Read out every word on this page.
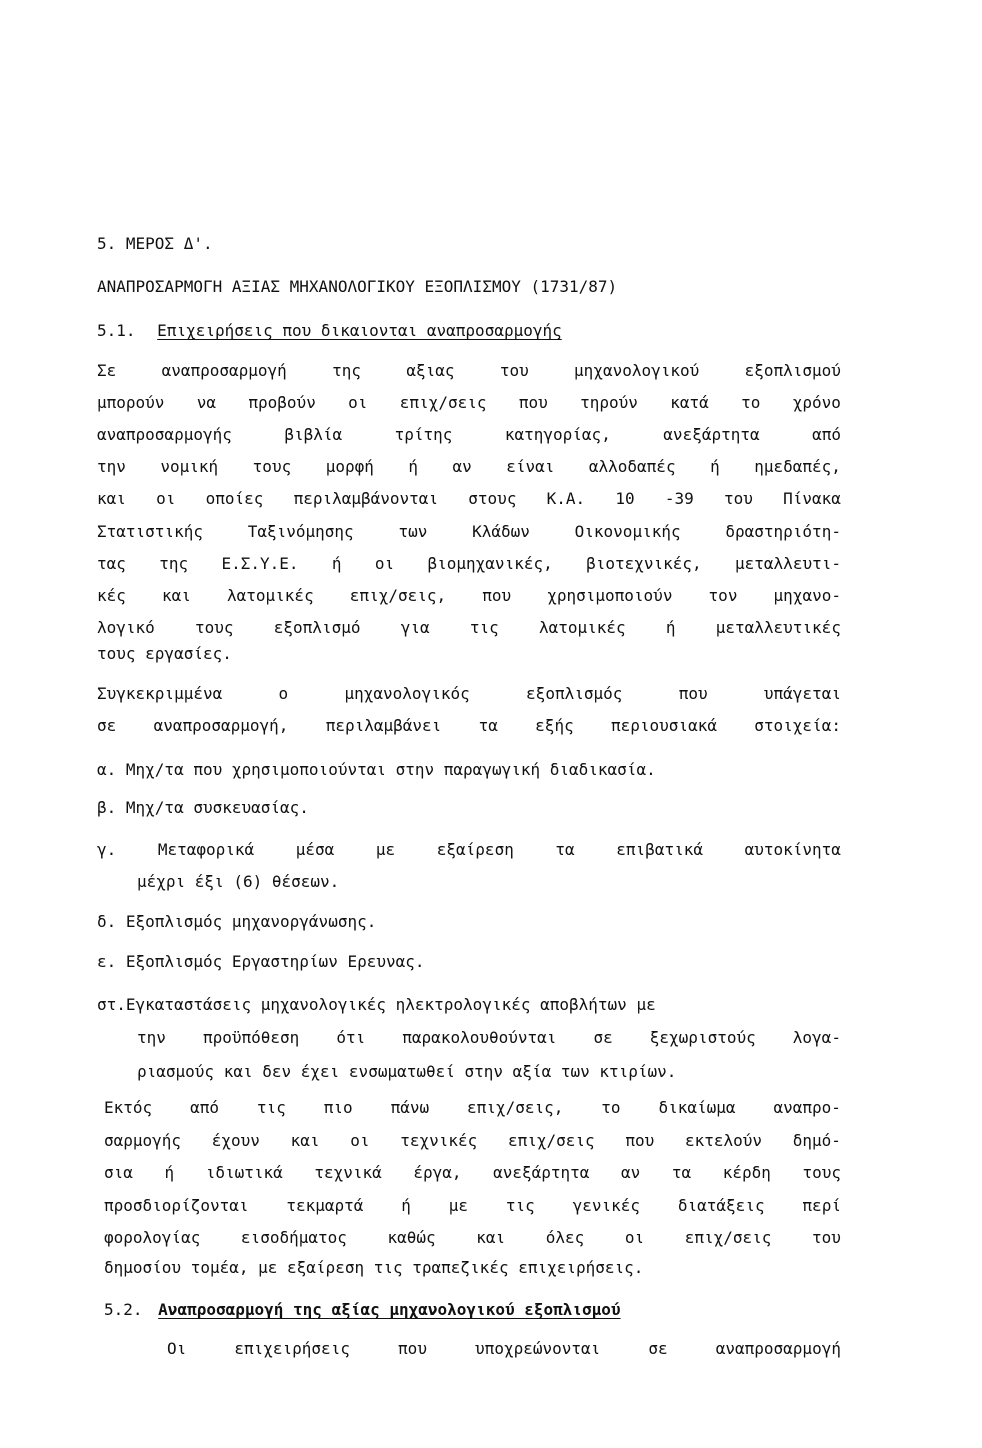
5. ΜΕΡΟΣ Δ'.
ΑΝΑΠΡΟΣΑΡΜΟΓΗ ΑΞΙΑΣ ΜΗΧΑΝΟΛΟΓΙΚΟΥ ΕΞΟΠΛΙΣΜΟΥ (1731/87)
5.1. Επιχειρήσεις που δικαιονται αναπροσαρμογής
Σε	αναπροσαρμογή	της	αξιας	του	μηχανολογικού	εξοπλισμού
μπορούν να προβούν οι επιχ/σεις που τηρούν κατά το χρόνο
αναπροσαρμογής	βιβλία	τρίτης	κατηγορίας,	ανεξάρτητα	από
την νομική τους μορφή ή αν είναι αλλοδαπές ή ημεδαπές,
και οι οποίες περιλαμβάνονται στους Κ.Α. 10 -39 του Πίνακα
Στατιστικής	Ταξινόμησης	των	Κλάδων	Οικονομικής	δραστηριότη-
τας της Ε.Σ.Υ.Ε. ή οι βιομηχανικές, βιοτεχνικές, μεταλλευτι-
κές και λατομικές επιχ/σεις, που χρησιμοποιούν τον μηχανο-
λογικό	τους	εξοπλισμό	για	τις	λατομικές	ή	μεταλλευτικές
τους εργασίες.
Συγκεκριμμένα	ο	μηχανολογικός	εξοπλισμός	που	υπάγεται
σε αναπροσαρμογή, περιλαμβάνει τα εξής περιουσιακά στοιχεία:
α. Μηχ/τα που χρησιμοποιούνται στην παραγωγική διαδικασία.
β. Μηχ/τα συσκευασίας.
γ.	Μεταφορικά	μέσα	με	εξαίρεση	τα	επιβατικά	αυτοκίνητα
μέχρι έξι (6) θέσεων.
δ. Εξοπλισμός μηχανοργάνωσης.
ε. Εξοπλισμός Εργαστηρίων Ερευνας.
στ.Εγκαταστάσεις μηχανολογικές ηλεκτρολογικές αποβλήτων με
την προϋπόθεση ότι παρακολουθούνται σε ξεχωριστούς λογα-
ριασμούς και δεν έχει ενσωματωθεί στην αξία των κτιρίων.
Εκτός από τις πιο πάνω επιχ/σεις, το δικαίωμα αναπρο-
σαρμογής έχουν και οι τεχνικές επιχ/σεις που εκτελούν δημό-
σια ή ιδιωτικά τεχνικά έργα, ανεξάρτητα αν τα κέρδη τους
προσδιορίζονται τεκμαρτά ή με τις γενικές διατάξεις περί
φορολογίας	εισοδήματος	καθώς	και	όλες	οι	επιχ/σεις	του
δημοσίου τομέα, με εξαίρεση τις τραπεζικές επιχειρήσεις.
5.2. Αναπροσαρμογή της αξίας μηχανολογικού εξοπλισμού
Οι	επιχειρήσεις	που	υποχρεώνονται	σε	αναπροσαρμογή
